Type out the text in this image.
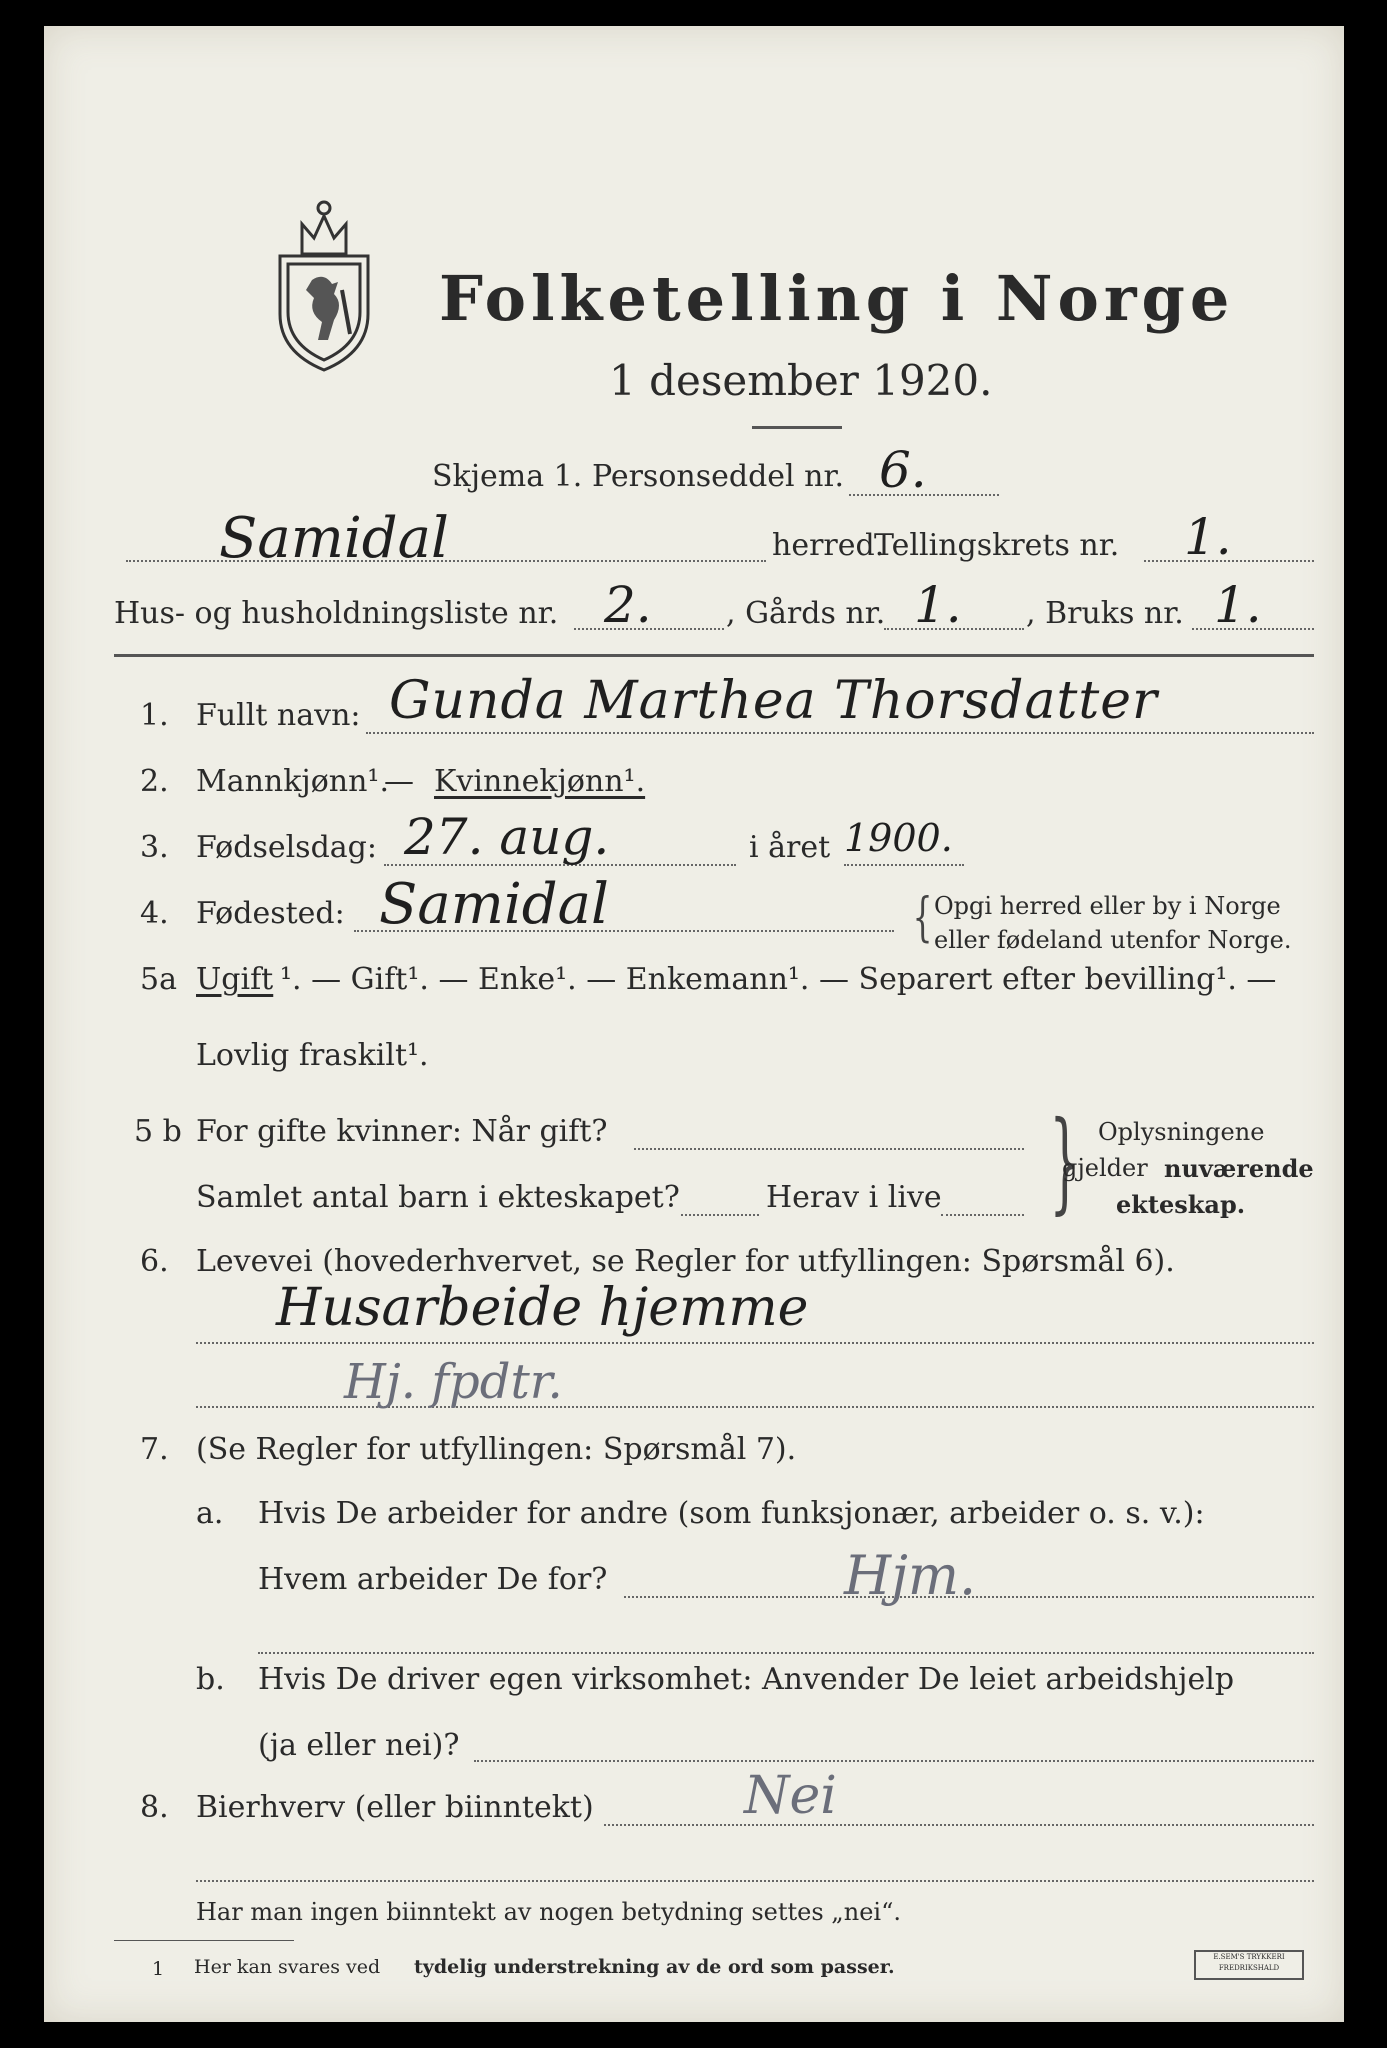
Folketelling i Norge
1 desember 1920.
Skjema 1. Personseddel nr. 6.
Samidal	herred.
Tellingskrets nr. 1.
Hus- og husholdningsliste nr. 2. , Gårds nr. 1. , Bruks nr. 1.
1. Fullt navn: Gunda Marthea Thorsdatter
2. Mannkjønn¹.
— Kvinnekjønn¹.
3. Fødselsdag: 27. aug.	i året 1900.
4. Fødested: Samidal	{ Opgi herred eller by i Norge
eller fødeland utenfor Norge.
5a Ugift ¹. — Gift¹. — Enke¹. — Enkemann¹. — Separert efter bevilling¹. —
Lovlig fraskilt¹.
5 b For gifte kvinner: Når gift?
Samlet antal barn i ekteskapet?	Herav i live } Oplysningene
gjelder nuværende
ekteskap.
6. Levevei (hovederhvervet, se Regler for utfyllingen: Spørsmål 6).
Husarbeide hjemme
Hj. fpdtr.
7. (Se Regler for utfyllingen: Spørsmål 7).
a. Hvis De arbeider for andre (som funksjonær, arbeider o. s. v.):
Hvem arbeider De for?	Hjm.
b. Hvis De driver egen virksomhet: Anvender De leiet arbeidshjelp
(ja eller nei)?
8. Bierhverv (eller biinntekt)	Nei
Har man ingen biinntekt av nogen betydning settes „nei“.
1 Her kan svares ved tydelig understrekning av de ord som passer.	E.SEM'S TRYKKERI
FREDRIKSHALD
